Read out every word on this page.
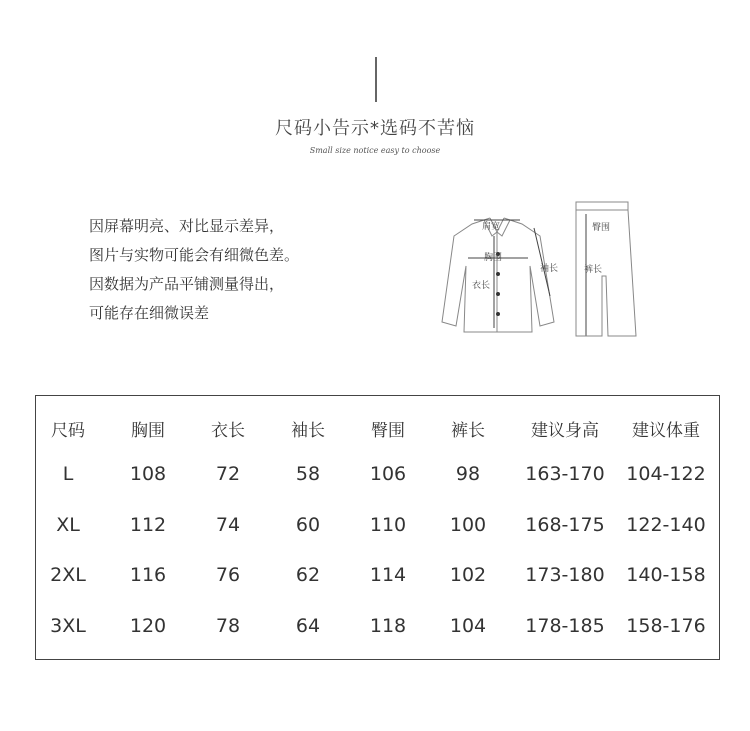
尺码小告示*选码不苦恼
Small size notice easy to choose
因屏幕明亮、对比显示差异，
图片与实物可能会有细微色差。
因数据为产品平铺测量得出，
可能存在细微误差
肩宽
胸围
衣长
袖长
臀围
裤长
尺码	胸围	衣长	袖长	臀围	裤长	建议身高	建议体重
L	108	72	58	106	98	163-170	104-122
XL	112	74	60	110	100	168-175	122-140
2XL	116	76	62	114	102	173-180	140-158
3XL	120	78	64	118	104	178-185	158-176
